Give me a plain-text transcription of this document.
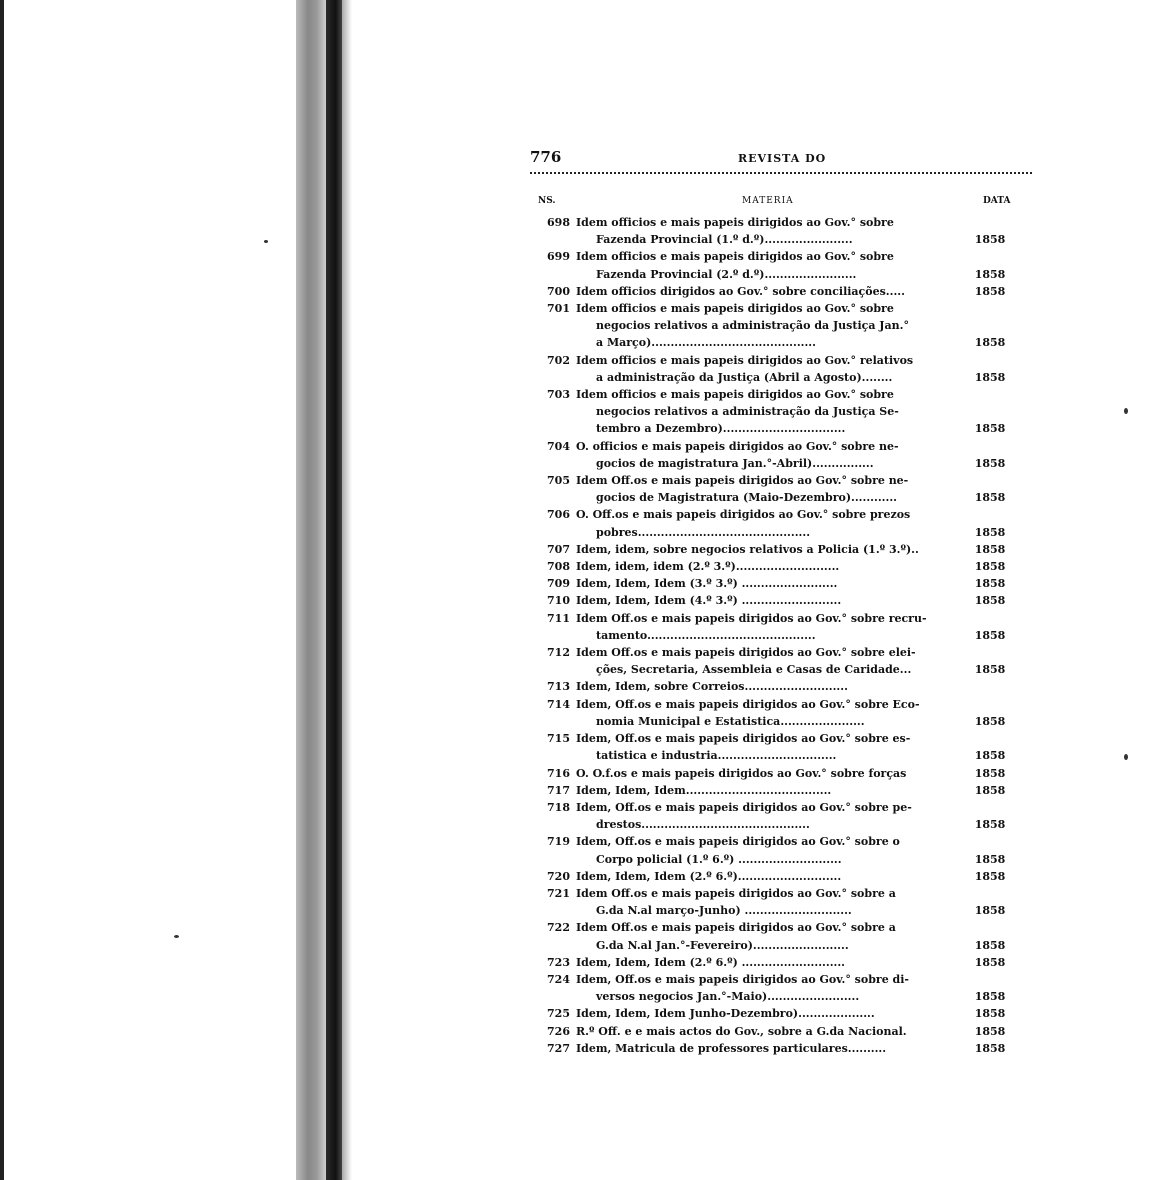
776	REVISTA DO
NS.	MATERIA	DATA
698 Idem officios e mais papeis dirigidos ao Gov.° sobre
Fazenda Provincial (1.º d.º).......................	1858
699 Idem officios e mais papeis dirigidos ao Gov.° sobre
Fazenda Provincial (2.º d.º)........................	1858
700 Idem officios dirigidos ao Gov.° sobre conciliações.....	1858
701 Idem officios e mais papeis dirigidos ao Gov.° sobre
negocios relativos a administração da Justiça Jan.°
a Março)...........................................	1858
702 Idem officios e mais papeis dirigidos ao Gov.° relativos
a administração da Justiça (Abril a Agosto)........	1858
703 Idem officios e mais papeis dirigidos ao Gov.° sobre
negocios relativos a administração da Justiça Se-
tembro a Dezembro)................................	1858
704 O. officios e mais papeis dirigidos ao Gov.° sobre ne-
gocios de magistratura Jan.°-Abril)................	1858
705 Idem Off.os e mais papeis dirigidos ao Gov.° sobre ne-
gocios de Magistratura (Maio-Dezembro)............	1858
706 O. Off.os e mais papeis dirigidos ao Gov.° sobre prezos
pobres.............................................	1858
707 Idem, idem, sobre negocios relativos a Policia (1.º 3.º)..	1858
708 Idem, idem, idem (2.º 3.º)...........................	1858
709 Idem, Idem, Idem (3.º 3.º) .........................	1858
710 Idem, Idem, Idem (4.º 3.º) ..........................	1858
711 Idem Off.os e mais papeis dirigidos ao Gov.° sobre recru-
tamento............................................	1858
712 Idem Off.os e mais papeis dirigidos ao Gov.° sobre elei-
ções, Secretaria, Assembleia e Casas de Caridade...	1858
713 Idem, Idem, sobre Correios...........................
714 Idem, Off.os e mais papeis dirigidos ao Gov.° sobre Eco-
nomia Municipal e Estatistica......................	1858
715 Idem, Off.os e mais papeis dirigidos ao Gov.° sobre es-
tatistica e industria...............................	1858
716 O. O.f.os e mais papeis dirigidos ao Gov.° sobre forças	1858
717 Idem, Idem, Idem......................................	1858
718 Idem, Off.os e mais papeis dirigidos ao Gov.° sobre pe-
drestos............................................	1858
719 Idem, Off.os e mais papeis dirigidos ao Gov.° sobre o
Corpo policial (1.º 6.º) ...........................	1858
720 Idem, Idem, Idem (2.º 6.º)...........................	1858
721 Idem Off.os e mais papeis dirigidos ao Gov.° sobre a
G.da N.al março-Junho) ............................	1858
722 Idem Off.os e mais papeis dirigidos ao Gov.° sobre a
G.da N.al Jan.°-Fevereiro).........................	1858
723 Idem, Idem, Idem (2.º 6.º) ...........................	1858
724 Idem, Off.os e mais papeis dirigidos ao Gov.° sobre di-
versos negocios Jan.°-Maio)........................	1858
725 Idem, Idem, Idem Junho-Dezembro)....................	1858
726 R.º Off. e e mais actos do Gov., sobre a G.da Nacional.	1858
727 Idem, Matricula de professores particulares..........	1858
